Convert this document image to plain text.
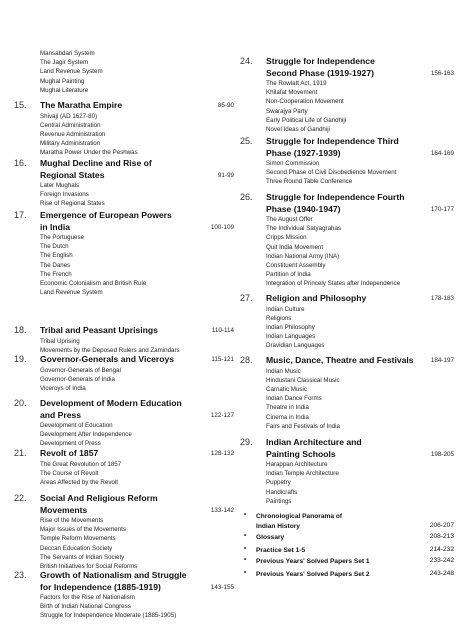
Mansabdari System
The Jagir System
Land Revenue System
Mughal Painting
Mughal Literature
15.	The Maratha Empire	85-90
Shivaji (AD 1627-80)
Central Administration
Revenue Administration
Military Administration
Maratha Power Under the Peshwas
16.	Mughal Decline and Rise of
Regional States	91-99
Later Mughals
Foreign Invasions
Rise of Regional States
17.	Emergence of European Powers
in India	100-109
The Portuguese
The Dutch
The English
The Danes
The French
Economic Colonialism and British Rule
Land Revenue System
18.	Tribal and Peasant Uprisings	110-114
Tribal Uprising
Movements by the Deposed Rulers and Zamindars
19.	Governor-Generals and Viceroys	115-121
Governor-Generals of Bengal
Governor-Generals of India
Viceroys of India
20.	Development of Modern Education
and Press	122-127
Development of Education
Development After Independence
Development of Press
21.	Revolt of 1857	128-132
The Great Revolution of 1857
The Course of Revolt
Areas Affected by the Revolt
22.	Social And Religious Reform
Movements	133-142
Rise of the Movements
Major Issues of the Movements
Temple Reform Movements
Deccan Education Society
The Servants of Indian Society
British Initiatives for Social Reforms
23.	Growth of Nationalism and Struggle
for Independence (1885-1919)	143-155
Factors for the Rise of Nationalism
Birth of Indian National Congress
Struggle for Independence Moderate (1885-1905)
24.	Struggle for Independence
Second Phase (1919-1927)	156-163
The Rowlatt Act, 1919
Khilafat Movement
Non-Cooperation Movement
Swarajya Party
Early Political Life of Gandhiji
Novel Ideas of Gandhiji
25.	Struggle for Independence Third
Phase (1927-1939)	164-169
Simon Commission
Second Phase of Civil Disobedience Movement
Three Round Table Conference
26.	Struggle for Independence Fourth
Phase (1940-1947)	170-177
The August Offer
The Individual Satyagrahas
Cripps Mission
Quit India Movement
Indian National Army (INA)
Constituent Assembly
Partition of India
Integration of Princely States after Independence
27.	Religion and Philosophy	178-183
Indian Culture
Religions
Indian Philosophy
Indian Languages
Dravidian Languages
28.	Music, Dance, Theatre and Festivals	184-197
Indian Music
Hindustani Classical Music
Carnatic Music
Indian Dance Forms
Theatre in India
Cinema in India
Fairs and Festivals of India
29.	Indian Architecture and
Painting Schools	198-205
Harappan Architecture
Indian Temple Architecture
Puppetry
Handicrafts
Paintings
• Chronological Panorama of
Indian History	206-207
• Glossary	208-213
• Practice Set 1-5	214-232
• Previous Years' Solved Papers Set 1	233-242
• Previous Years' Solved Papers Set 2	243-248
